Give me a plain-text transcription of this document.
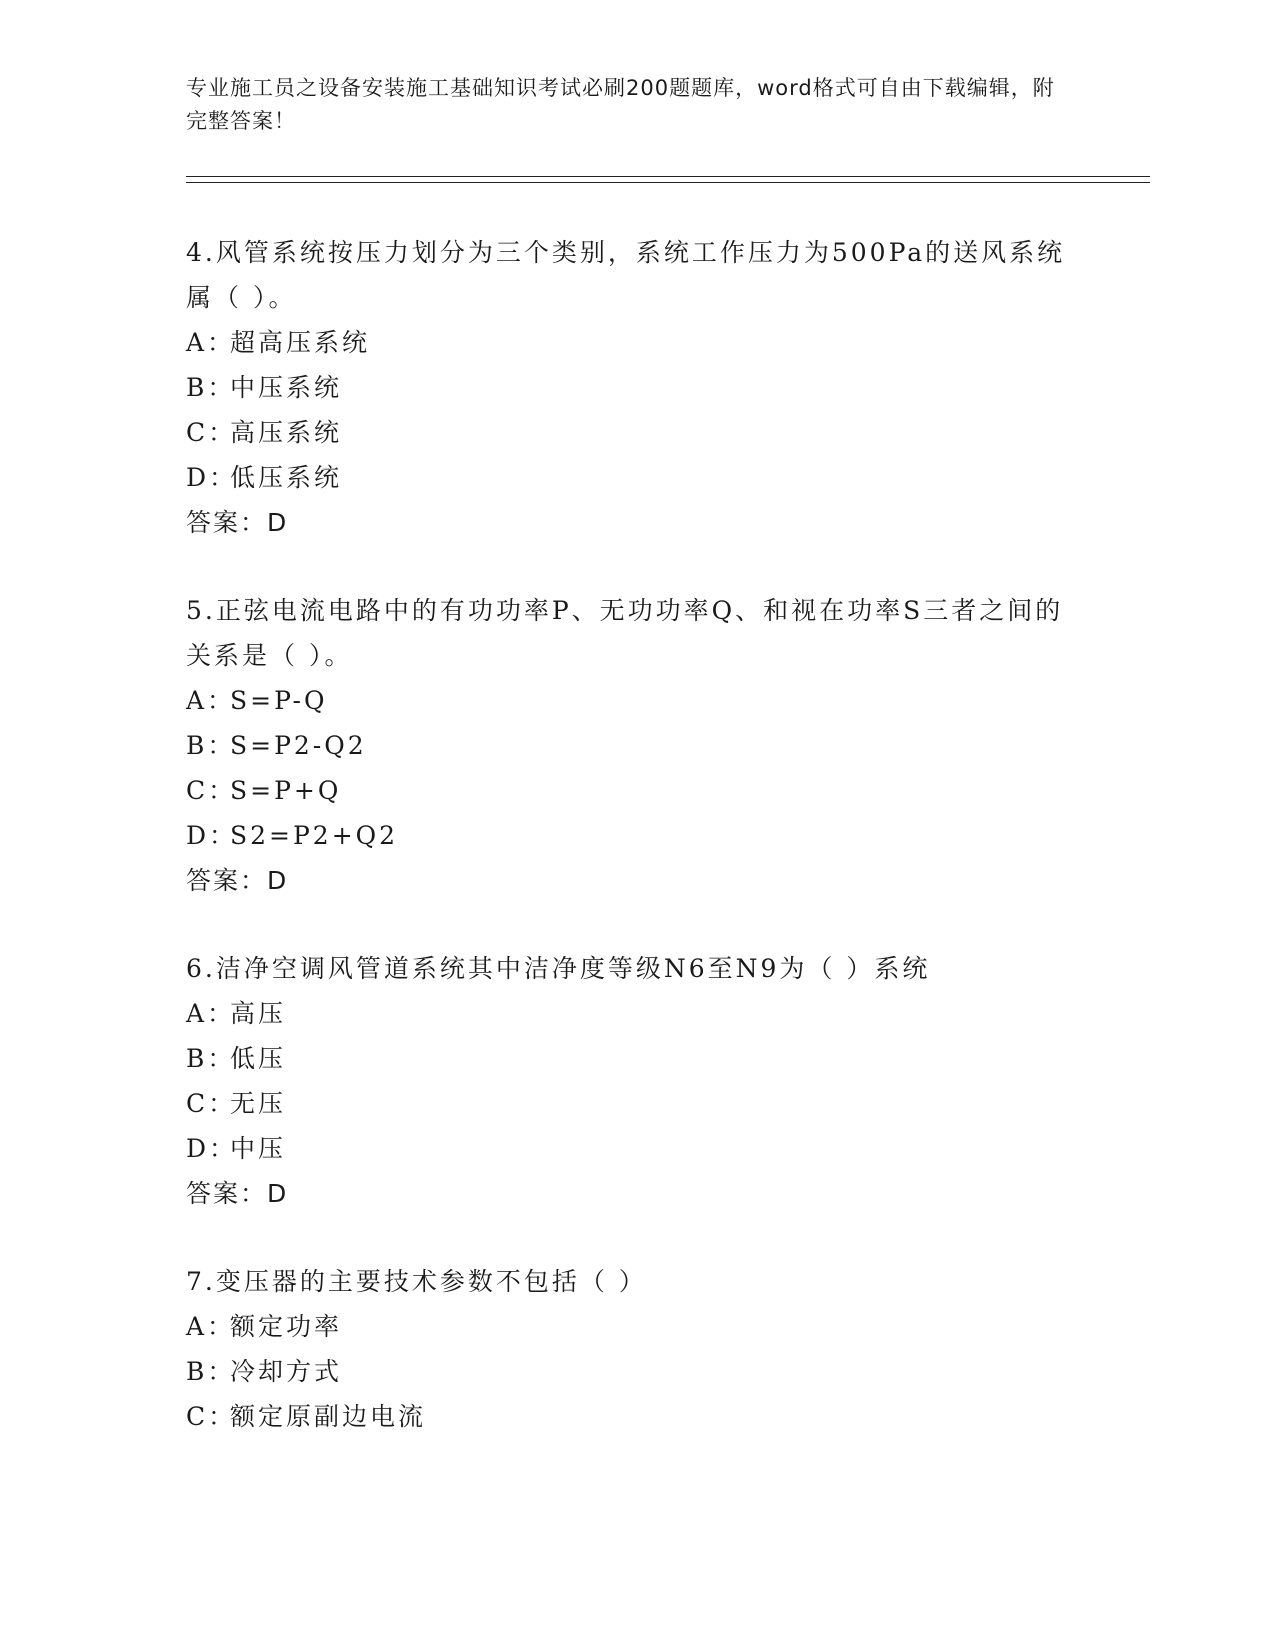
专业施工员之设备安装施工基础知识考试必刷200题题库，word格式可自由下载编辑，附完整答案！

4.风管系统按压力划分为三个类别，系统工作压力为500Pa的送风系统属（ ）。

A：超高压系统

B：中压系统

C：高压系统

D：低压系统

答案：D

5.正弦电流电路中的有功功率P、无功功率Q、和视在功率S三者之间的关系是（ ）。

A：S=P-Q

B：S=P2-Q2

C：S=P+Q

D：S2=P2+Q2

答案：D

6.洁净空调风管道系统其中洁净度等级N6至N9为（ ）系统

A：高压

B：低压

C：无压

D：中压

答案：D

7.变压器的主要技术参数不包括（ ）

A：额定功率

B：冷却方式

C：额定原副边电流
